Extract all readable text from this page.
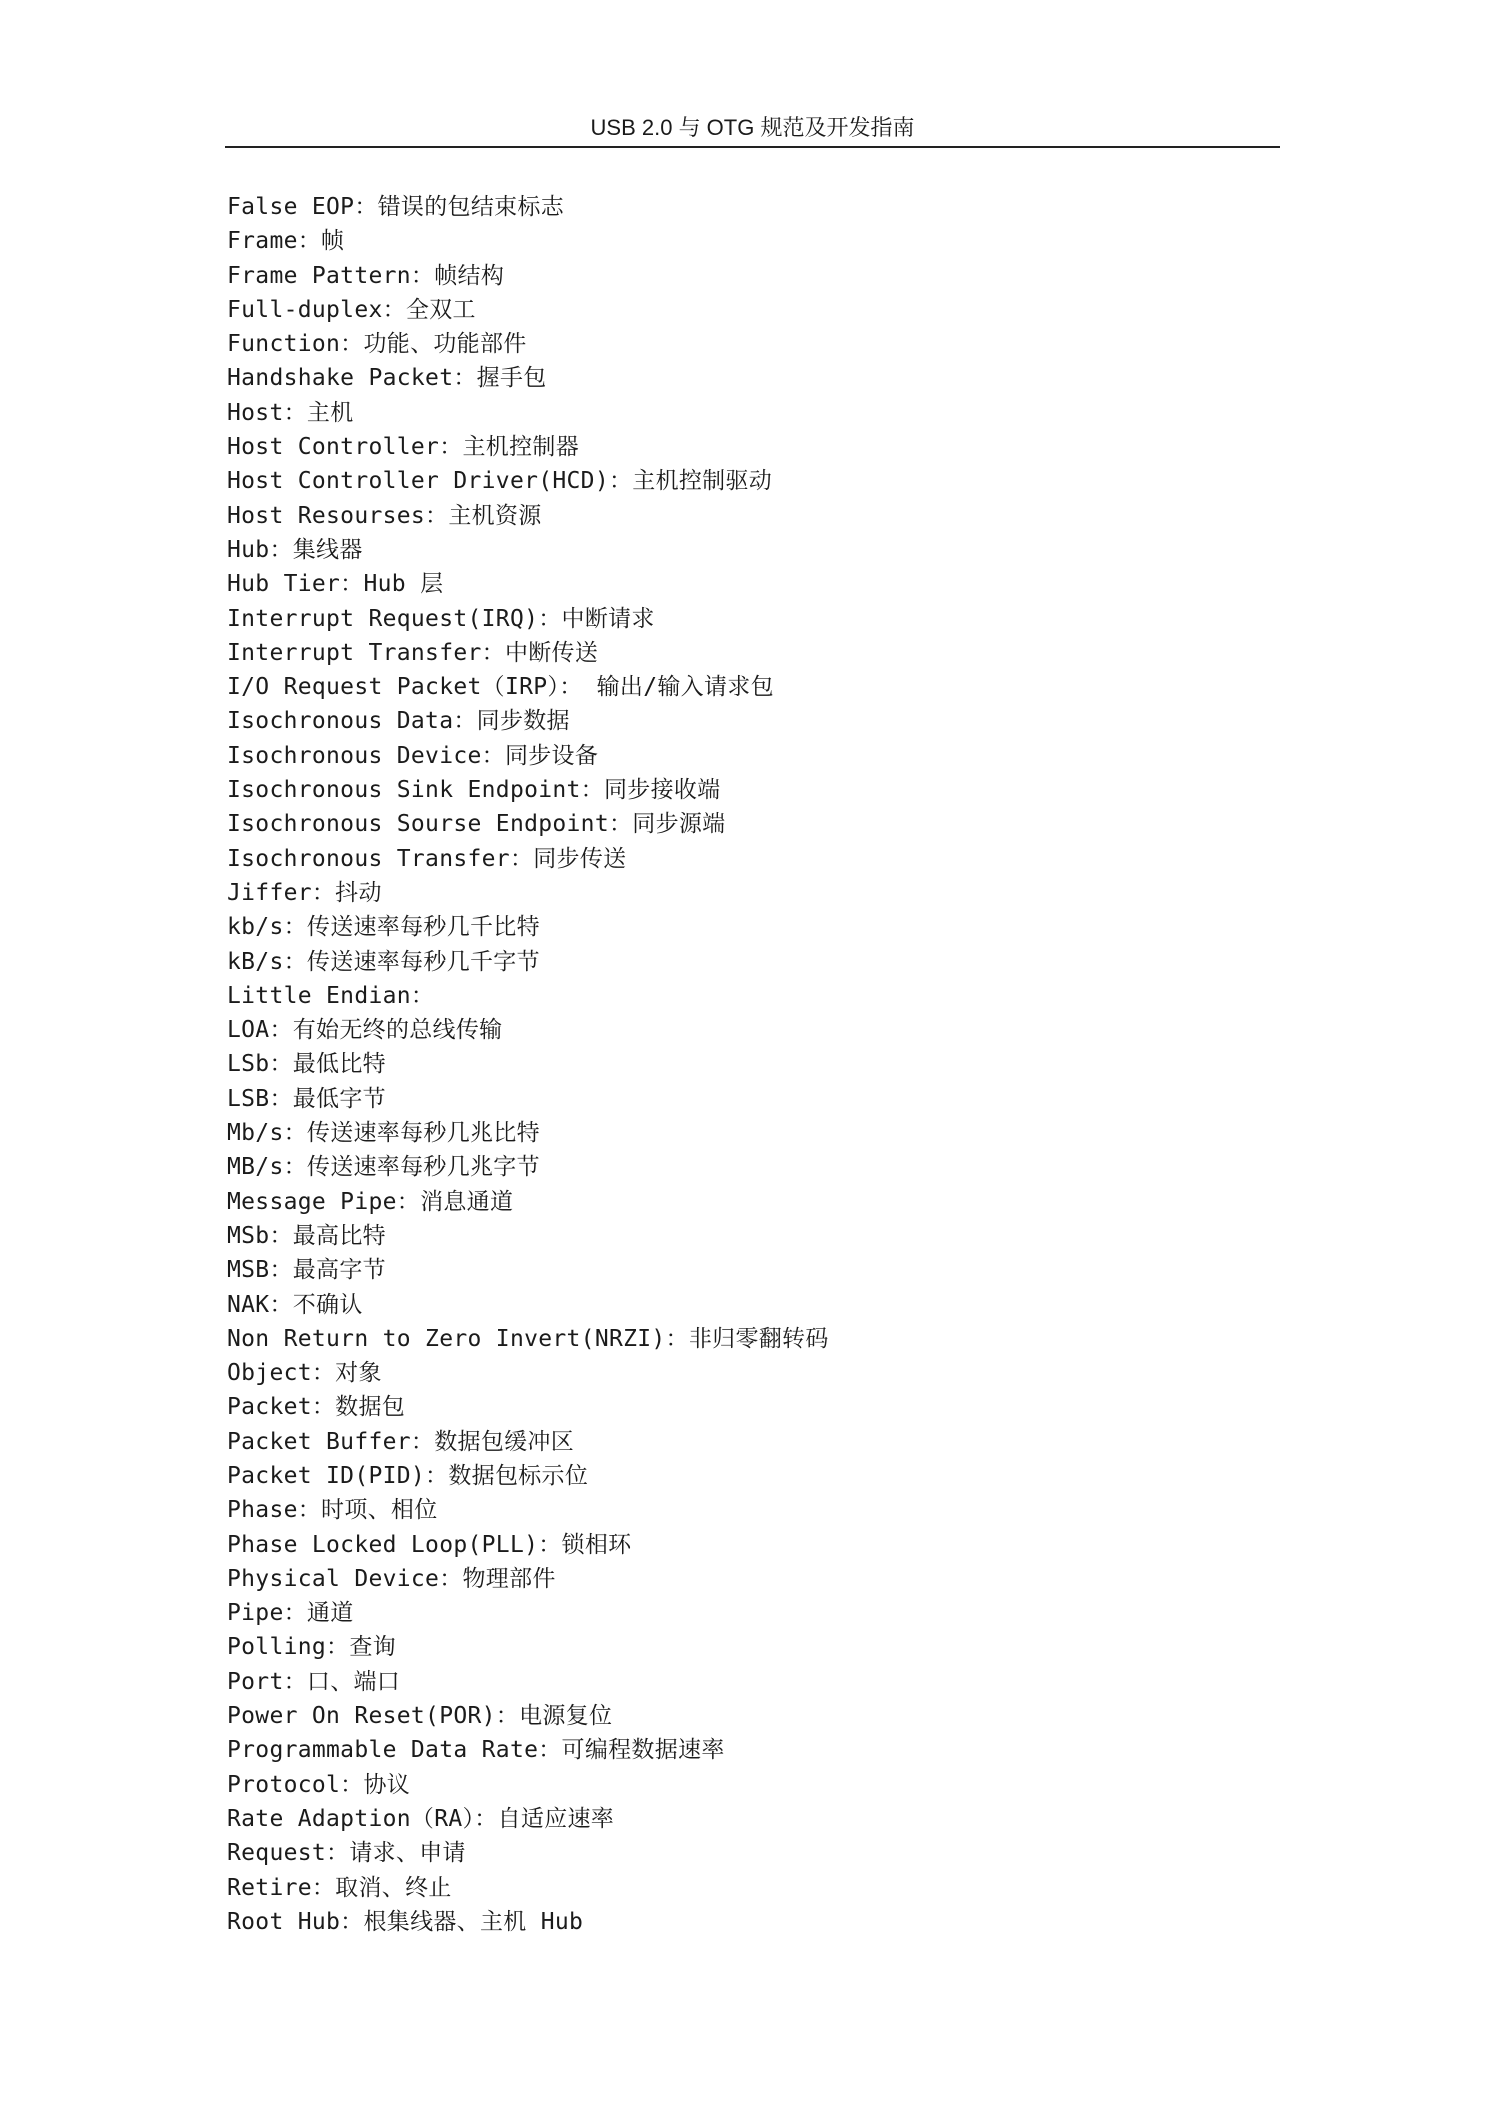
USB 2.0 与 OTG 规范及开发指南
False EOP：错误的包结束标志
Frame：帧
Frame Pattern：帧结构
Full-duplex：全双工
Function：功能、功能部件
Handshake Packet：握手包
Host：主机
Host Controller：主机控制器
Host Controller Driver(HCD)：主机控制驱动
Host Resourses：主机资源
Hub：集线器
Hub Tier：Hub 层
Interrupt Request(IRQ)：中断请求
Interrupt Transfer：中断传送
I/O Request Packet（IRP）： 输出/输入请求包
Isochronous Data：同步数据
Isochronous Device：同步设备
Isochronous Sink Endpoint：同步接收端
Isochronous Sourse Endpoint：同步源端
Isochronous Transfer：同步传送
Jiffer：抖动
kb/s：传送速率每秒几千比特
kB/s：传送速率每秒几千字节
Little Endian：
LOA：有始无终的总线传输
LSb：最低比特
LSB：最低字节
Mb/s：传送速率每秒几兆比特
MB/s：传送速率每秒几兆字节
Message Pipe：消息通道
MSb：最高比特
MSB：最高字节
NAK：不确认
Non Return to Zero Invert(NRZI)：非归零翻转码
Object：对象
Packet：数据包
Packet Buffer：数据包缓冲区
Packet ID(PID)：数据包标示位
Phase：时项、相位
Phase Locked Loop(PLL)：锁相环
Physical Device：物理部件
Pipe：通道
Polling：查询
Port：口、端口
Power On Reset(POR)：电源复位
Programmable Data Rate：可编程数据速率
Protocol：协议
Rate Adaption（RA）：自适应速率
Request：请求、申请
Retire：取消、终止
Root Hub：根集线器、主机 Hub
